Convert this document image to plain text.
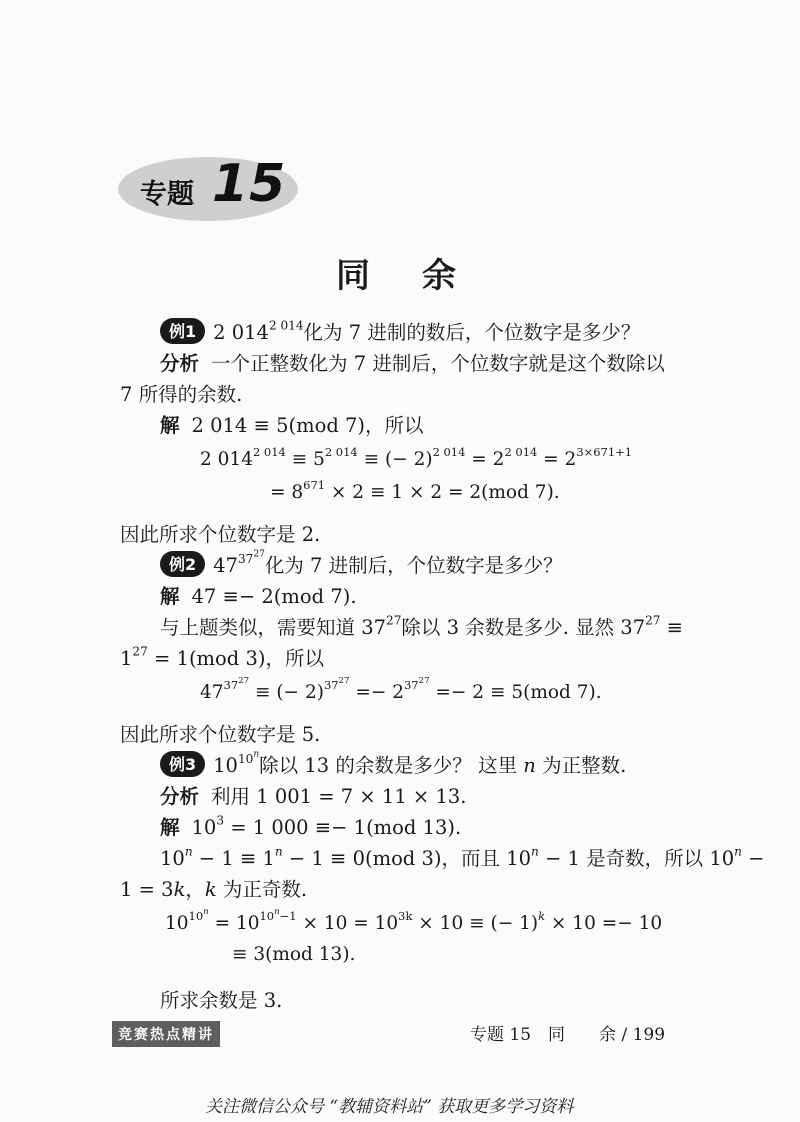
专题 15
同余
例1 2 $014^{2 014}$化为 7 进制的数后，个位数字是多少？
分析 一个正整数化为 7 进制后，个位数字就是这个数除以
7 所得的余数.
解 2 014 ≡ 5(mod 7)，所以
2 $014^{2 014} \equiv 5^{2 014}$ ≡ (− $2)^{2 014} = 2^{2 014} = 2^{3\times 671+1}$
= $8^{671} \times 2 \equiv 1 \times 2 = 2(mod$ 7).
因此所求个位数字是 2.
例2 $47^{37^{27}}$化为 7 进制后，个位数字是多少？
解 47 ≡− 2(mod 7).
与上题类似，需要知道 $37^{27}$除以 3 余数是多少. 显然 $37^{27}$ ≡
$1^{27} = 1(mod$ 3)，所以
$47^{37^{27}}$ ≡ (− $2)^{37^{27}} =- 2^{37^{27}} =- 2 \equiv 5(mod$ 7).
因此所求个位数字是 5.
例3 $10^{10^n}$除以 13 的余数是多少？ 这里 n 为正整数.
分析 利用 1 001 = 7 × 11 × 13.
解 $10^3 = 1$ 000 ≡− 1(mod 13).
$10^n - 1 \equiv 1^n - 1 \equiv 0(mod$ 3)，而且 $10^n - 1$ 是奇数，所以 $10^n$ −
1 = 3k，k 为正奇数.
$10^{10^n} = 10^{10^n-1} \times 10 = 10^{3k} \times 10$ ≡ (− 1)$^k$ × 10 =− 10
≡ 3(mod 13).
所求余数是 3.
竞赛热点精讲	专题 15　同　　余 / 199
关注微信公众号 “教辅资料站” 获取更多学习资料
